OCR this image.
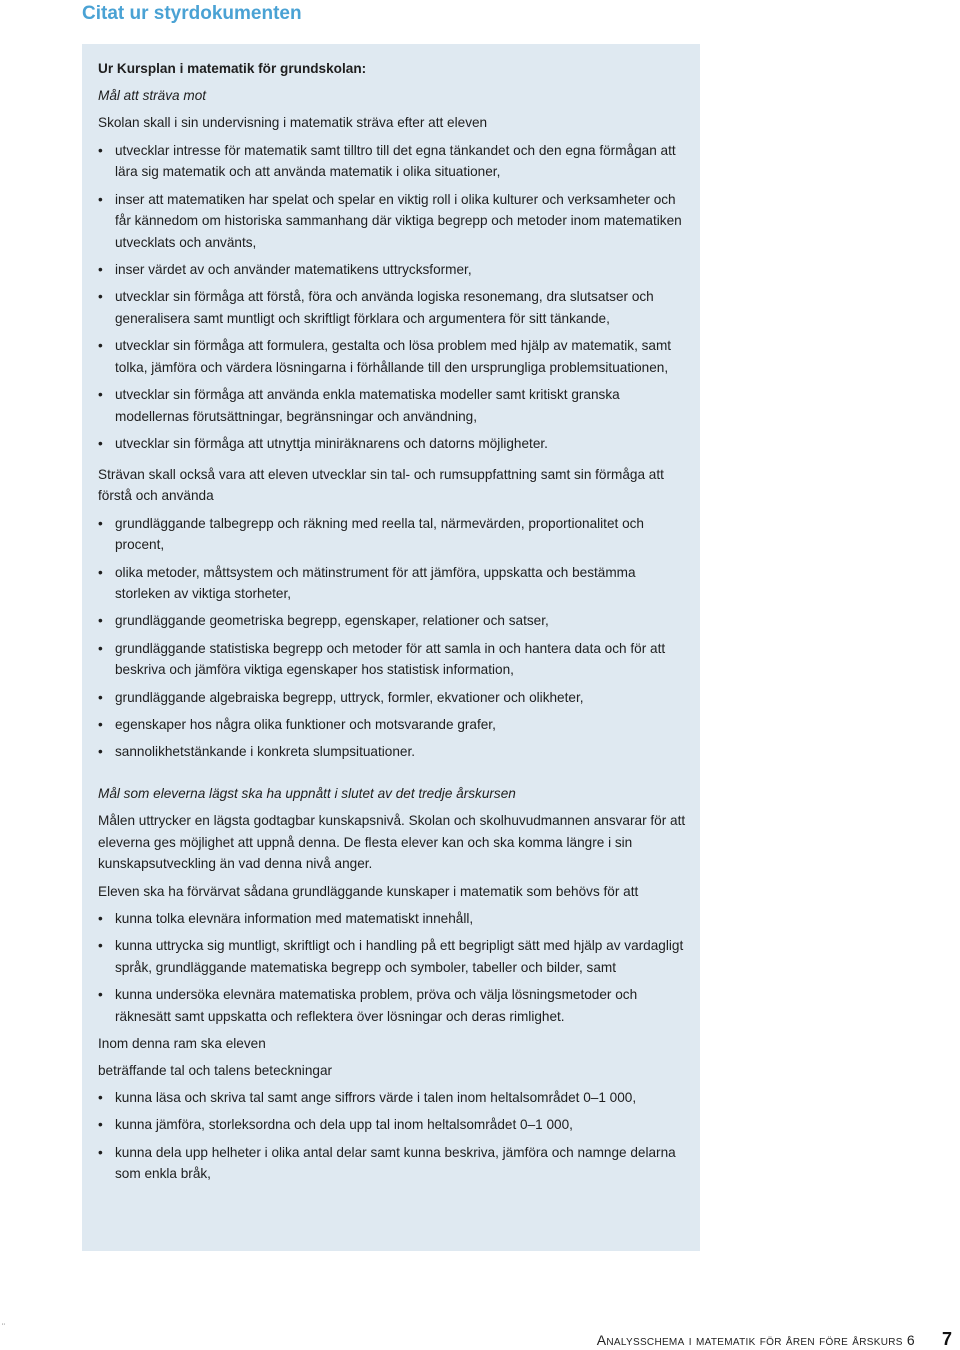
Citat ur styrdokumenten

Ur Kursplan i matematik för grundskolan:

Mål att sträva mot

Skolan skall i sin undervisning i matematik sträva efter att eleven

• utvecklar intresse för matematik samt tilltro till det egna tänkandet och den egna förmågan att lära sig matematik och att använda matematik i olika situationer,
• inser att matematiken har spelat och spelar en viktig roll i olika kulturer och verksamheter och får kännedom om historiska sammanhang där viktiga begrepp och metoder inom matematiken utvecklats och använts,
• inser värdet av och använder matematikens uttrycksformer,
• utvecklar sin förmåga att förstå, föra och använda logiska resonemang, dra slutsatser och generalisera samt muntligt och skriftligt förklara och argumentera för sitt tänkande,
• utvecklar sin förmåga att formulera, gestalta och lösa problem med hjälp av matematik, samt tolka, jämföra och värdera lösningarna i förhållande till den ursprungliga problemsituationen,
• utvecklar sin förmåga att använda enkla matematiska modeller samt kritiskt granska modellernas förutsättningar, begränsningar och användning,
• utvecklar sin förmåga att utnyttja miniräknarens och datorns möjligheter.

Strävan skall också vara att eleven utvecklar sin tal- och rumsuppfattning samt sin förmåga att förstå och använda

• grundläggande talbegrepp och räkning med reella tal, närmevärden, proportionalitet och procent,
• olika metoder, måttsystem och mätinstrument för att jämföra, uppskatta och bestämma storleken av viktiga storheter,
• grundläggande geometriska begrepp, egenskaper, relationer och satser,
• grundläggande statistiska begrepp och metoder för att samla in och hantera data och för att beskriva och jämföra viktiga egenskaper hos statistisk information,
• grundläggande algebraiska begrepp, uttryck, formler, ekvationer och olikheter,
• egenskaper hos några olika funktioner och motsvarande grafer,
• sannolikhetstänkande i konkreta slumpsituationer.

Mål som eleverna lägst ska ha uppnått i slutet av det tredje årskursen

Målen uttrycker en lägsta godtagbar kunskapsnivå. Skolan och skolhuvudmannen ansvarar för att eleverna ges möjlighet att uppnå denna. De flesta elever kan och ska komma längre i sin kunskapsutveckling än vad denna nivå anger.

Eleven ska ha förvärvat sådana grundläggande kunskaper i matematik som behövs för att

• kunna tolka elevnära information med matematiskt innehåll,
• kunna uttrycka sig muntligt, skriftligt och i handling på ett begripligt sätt med hjälp av vardagligt språk, grundläggande matematiska begrepp och symboler, tabeller och bilder, samt
• kunna undersöka elevnära matematiska problem, pröva och välja lösningsmetoder och räknesätt samt uppskatta och reflektera över lösningar och deras rimlighet.

Inom denna ram ska eleven

beträffande tal och talens beteckningar

• kunna läsa och skriva tal samt ange siffrors värde i talen inom heltalsområdet 0–1 000,
• kunna jämföra, storleksordna och dela upp tal inom heltalsområdet 0–1 000,
• kunna dela upp helheter i olika antal delar samt kunna beskriva, jämföra och namnge delarna som enkla bråk,
¨
Analysschema i matematik för åren före årskurs 6 7
